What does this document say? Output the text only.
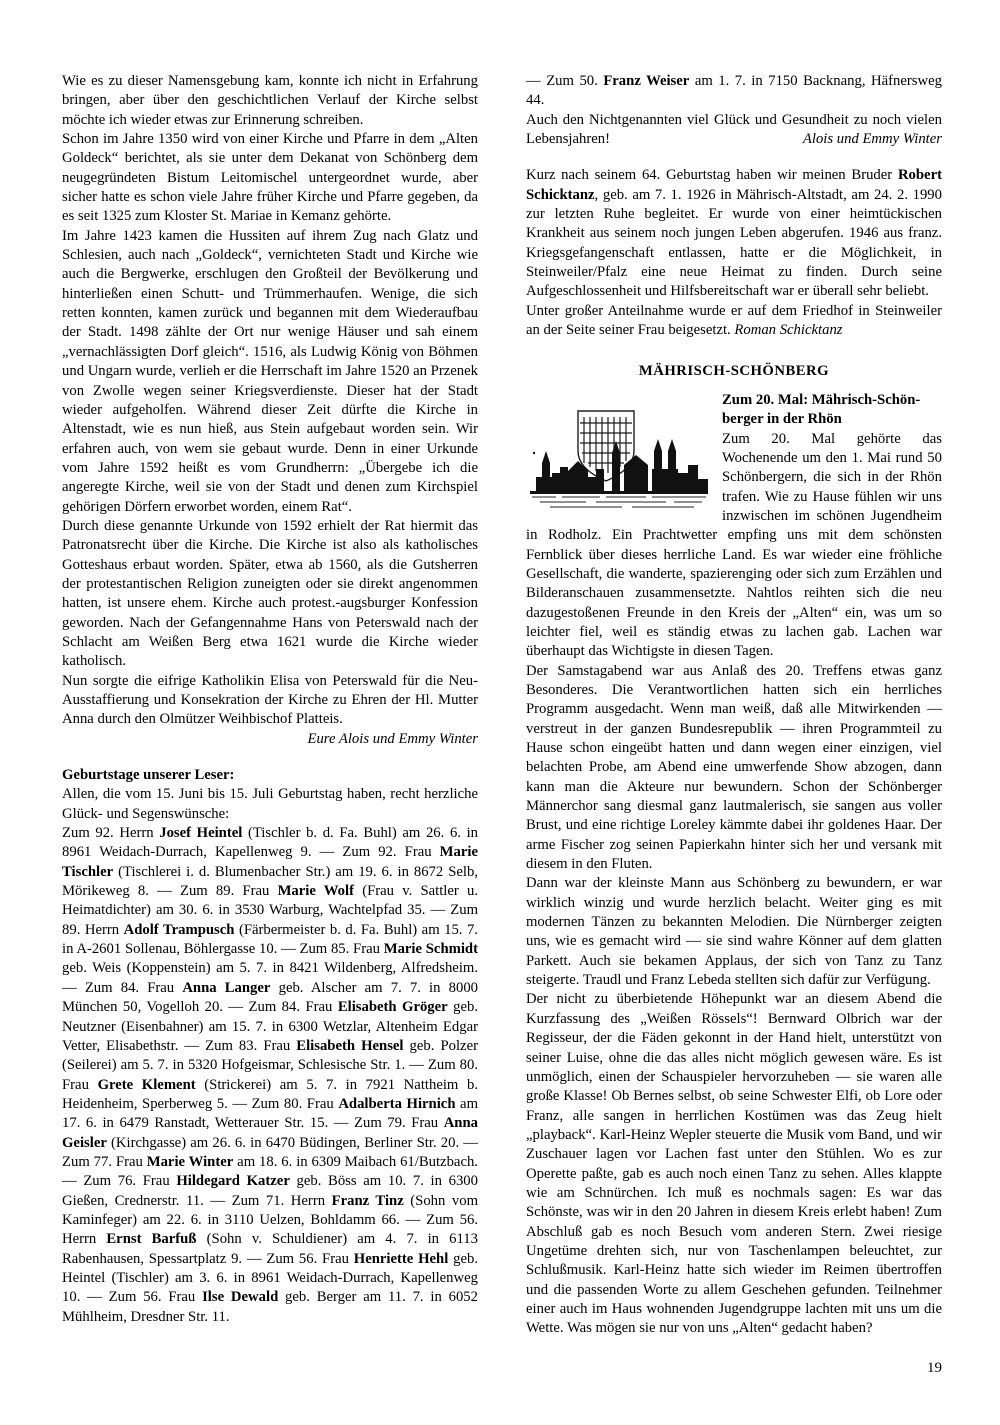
Wie es zu dieser Namensgebung kam, konnte ich nicht in Erfahrung bringen, aber über den geschichtlichen Verlauf der Kirche selbst möchte ich wieder etwas zur Erinnerung schreiben.

Schon im Jahre 1350 wird von einer Kirche und Pfarre in dem „Alten Goldeck“ berichtet, als sie unter dem Dekanat von Schönberg dem neugegründeten Bistum Leitomischel untergeordnet wurde, aber sicher hatte es schon viele Jahre früher Kirche und Pfarre gegeben, da es seit 1325 zum Kloster St. Mariae in Kemanz gehörte.

Im Jahre 1423 kamen die Hussiten auf ihrem Zug nach Glatz und Schlesien, auch nach „Goldeck“, vernichteten Stadt und Kirche wie auch die Bergwerke, erschlugen den Großteil der Bevölkerung und hinterließen einen Schutt- und Trümmerhaufen. Wenige, die sich retten konnten, kamen zurück und begannen mit dem Wiederaufbau der Stadt. 1498 zählte der Ort nur wenige Häuser und sah einem „vernachlässigten Dorf gleich“. 1516, als Ludwig König von Böhmen und Ungarn wurde, verlieh er die Herrschaft im Jahre 1520 an Przenek von Zwolle wegen seiner Kriegsverdienste. Dieser hat der Stadt wieder aufgeholfen. Während dieser Zeit dürfte die Kirche in Altenstadt, wie es nun hieß, aus Stein aufgebaut worden sein. Wir erfahren auch, von wem sie gebaut wurde. Denn in einer Urkunde vom Jahre 1592 heißt es vom Grundherrn: „Übergebe ich die angeregte Kirche, weil sie von der Stadt und denen zum Kirchspiel gehörigen Dörfern erworbet worden, einem Rat“.

Durch diese genannte Urkunde von 1592 erhielt der Rat hiermit das Patronatsrecht über die Kirche. Die Kirche ist also als katholisches Gotteshaus erbaut worden. Später, etwa ab 1560, als die Gutsherren der protestantischen Religion zuneigten oder sie direkt angenommen hatten, ist unsere ehem. Kirche auch protest.-augsburger Konfession geworden. Nach der Gefangennahme Hans von Peterswald nach der Schlacht am Weißen Berg etwa 1621 wurde die Kirche wieder katholisch.

Nun sorgte die eifrige Katholikin Elisa von Peterswald für die Neu-Ausstaffierung und Konsekration der Kirche zu Ehren der Hl. Mutter Anna durch den Olmützer Weihbischof Platteis.

Eure Alois und Emmy Winter

Geburtstage unserer Leser:

Allen, die vom 15. Juni bis 15. Juli Geburtstag haben, recht herzliche Glück- und Segenswünsche:

Zum 92. Herrn Josef Heintel (Tischler b. d. Fa. Buhl) am 26. 6. in 8961 Weidach-Durrach, Kapellenweg 9. — Zum 92. Frau Marie Tischler (Tischlerei i. d. Blumenbacher Str.) am 19. 6. in 8672 Selb, Mörikeweg 8. — Zum 89. Frau Marie Wolf (Frau v. Sattler u. Heimatdichter) am 30. 6. in 3530 Warburg, Wachtelpfad 35. — Zum 89. Herrn Adolf Trampusch (Färbermeister b. d. Fa. Buhl) am 15. 7. in A-2601 Sollenau, Böhlergasse 10. — Zum 85. Frau Marie Schmidt geb. Weis (Koppenstein) am 5. 7. in 8421 Wildenberg, Alfredsheim. — Zum 84. Frau Anna Langer geb. Alscher am 7. 7. in 8000 München 50, Vogelloh 20. — Zum 84. Frau Elisabeth Gröger geb. Neutzner (Eisenbahner) am 15. 7. in 6300 Wetzlar, Altenheim Edgar Vetter, Elisabethstr. — Zum 83. Frau Elisabeth Hensel geb. Polzer (Seilerei) am 5. 7. in 5320 Hofgeismar, Schlesische Str. 1. — Zum 80. Frau Grete Klement (Strickerei) am 5. 7. in 7921 Nattheim b. Heidenheim, Sperberweg 5. — Zum 80. Frau Adalberta Hirnich am 17. 6. in 6479 Ranstadt, Wetterauer Str. 15. — Zum 79. Frau Anna Geisler (Kirchgasse) am 26. 6. in 6470 Büdingen, Berliner Str. 20. — Zum 77. Frau Marie Winter am 18. 6. in 6309 Maibach 61/Butzbach. — Zum 76. Frau Hildegard Katzer geb. Böss am 10. 7. in 6300 Gießen, Crednerstr. 11. — Zum 71. Herrn Franz Tinz (Sohn vom Kaminfeger) am 22. 6. in 3110 Uelzen, Bohldamm 66. — Zum 56. Herrn Ernst Barfuß (Sohn v. Schuldiener) am 4. 7. in 6113 Rabenhausen, Spessartplatz 9. — Zum 56. Frau Henriette Hehl geb. Heintel (Tischler) am 3. 6. in 8961 Weidach-Durrach, Kapellenweg 10. — Zum 56. Frau Ilse Dewald geb. Berger am 11. 7. in 6052 Mühlheim, Dresdner Str. 11.

— Zum 50. Franz Weiser am 1. 7. in 7150 Backnang, Häfnersweg 44.

Auch den Nichtgenannten viel Glück und Gesundheit zu noch vielen Lebensjahren!	Alois und Emmy Winter

Kurz nach seinem 64. Geburtstag haben wir meinen Bruder Robert Schicktanz, geb. am 7. 1. 1926 in Mährisch-Altstadt, am 24. 2. 1990 zur letzten Ruhe begleitet. Er wurde von einer heimtückischen Krankheit aus seinem noch jungen Leben abgerufen. 1946 aus franz. Kriegsgefangenschaft entlassen, hatte er die Möglichkeit, in Steinweiler/Pfalz eine neue Heimat zu finden. Durch seine Aufgeschlossenheit und Hilfsbereitschaft war er überall sehr beliebt.

Unter großer Anteilnahme wurde er auf dem Friedhof in Steinweiler an der Seite seiner Frau beigesetzt. Roman Schicktanz

MÄHRISCH-SCHÖNBERG

Zum 20. Mal: Mährisch-Schön-
berger in der Rhön

Zum 20. Mal gehörte das Wochenende um den 1. Mai rund 50 Schönbergern, die sich in der Rhön trafen. Wie zu Hause fühlen wir uns inzwischen im schönen Jugendheim in Rodholz. Ein Prachtwetter empfing uns mit dem schönsten Fernblick über dieses herrliche Land. Es war wieder eine fröhliche Gesellschaft, die wanderte, spazierenging oder sich zum Erzählen und Bilderanschauen zusammensetzte. Nahtlos reihten sich die neu dazugestoßenen Freunde in den Kreis der „Alten“ ein, was um so leichter fiel, weil es ständig etwas zu lachen gab. Lachen war überhaupt das Wichtigste in diesen Tagen.

Der Samstagabend war aus Anlaß des 20. Treffens etwas ganz Besonderes. Die Verantwortlichen hatten sich ein herrliches Programm ausgedacht. Wenn man weiß, daß alle Mitwirkenden — verstreut in der ganzen Bundesrepublik — ihren Programmteil zu Hause schon eingeübt hatten und dann wegen einer einzigen, viel belachten Probe, am Abend eine umwerfende Show abzogen, dann kann man die Akteure nur bewundern. Schon der Schönberger Männerchor sang diesmal ganz lautmalerisch, sie sangen aus voller Brust, und eine richtige Loreley kämmte dabei ihr goldenes Haar. Der arme Fischer zog seinen Papierkahn hinter sich her und versank mit diesem in den Fluten.

Dann war der kleinste Mann aus Schönberg zu bewundern, er war wirklich winzig und wurde herzlich belacht. Weiter ging es mit modernen Tänzen zu bekannten Melodien. Die Nürnberger zeigten uns, wie es gemacht wird — sie sind wahre Könner auf dem glatten Parkett. Auch sie bekamen Applaus, der sich von Tanz zu Tanz steigerte. Traudl und Franz Lebeda stellten sich dafür zur Verfügung.

Der nicht zu überbietende Höhepunkt war an diesem Abend die Kurzfassung des „Weißen Rössels“! Bernward Olbrich war der Regisseur, der die Fäden gekonnt in der Hand hielt, unterstützt von seiner Luise, ohne die das alles nicht möglich gewesen wäre. Es ist unmöglich, einen der Schauspieler hervorzuheben — sie waren alle große Klasse! Ob Bernes selbst, ob seine Schwester Elfi, ob Lore oder Franz, alle sangen in herrlichen Kostümen was das Zeug hielt „playback“. Karl-Heinz Wepler steuerte die Musik vom Band, und wir Zuschauer lagen vor Lachen fast unter den Stühlen. Wo es zur Operette paßte, gab es auch noch einen Tanz zu sehen. Alles klappte wie am Schnürchen. Ich muß es nochmals sagen: Es war das Schönste, was wir in den 20 Jahren in diesem Kreis erlebt haben! Zum Abschluß gab es noch Besuch vom anderen Stern. Zwei riesige Ungetüme drehten sich, nur von Taschenlampen beleuchtet, zur Schlußmusik. Karl-Heinz hatte sich wieder im Reimen übertroffen und die passenden Worte zu allem Geschehen gefunden. Teilnehmer einer auch im Haus wohnenden Jugendgruppe lachten mit uns um die Wette. Was mögen sie nur von uns „Alten“ gedacht haben?

19
